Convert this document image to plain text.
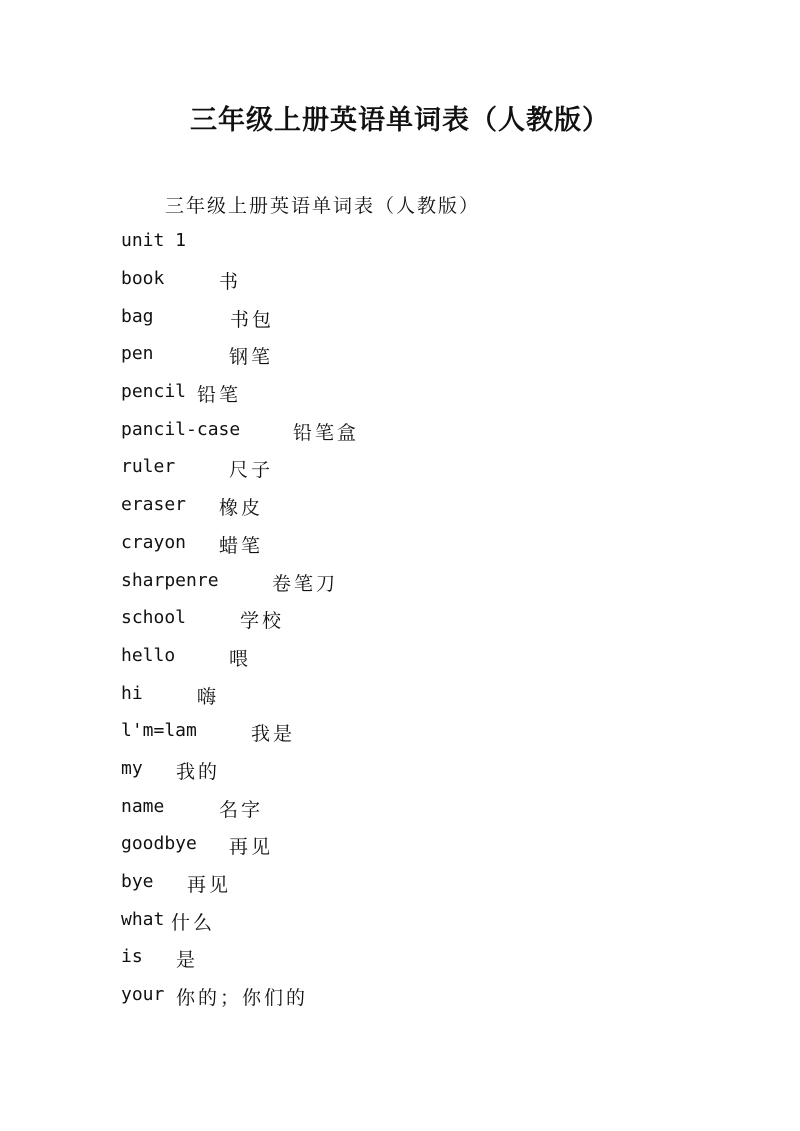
三年级上册英语单词表（人教版）

三年级上册英语单词表（人教版）

unit 1

book	书
bag	书包
pen	钢笔
pencil 铅笔
pancil-case	铅笔盒
ruler	尺子
eraser 橡皮
crayon 蜡笔
sharpenre	卷笔刀
school	学校
hello	喂
hi	嗨
l'm=lam	我是
my 我的
name	名字
goodbye 再见
bye 再见
what 什么
is 是
your 你的；你们的
